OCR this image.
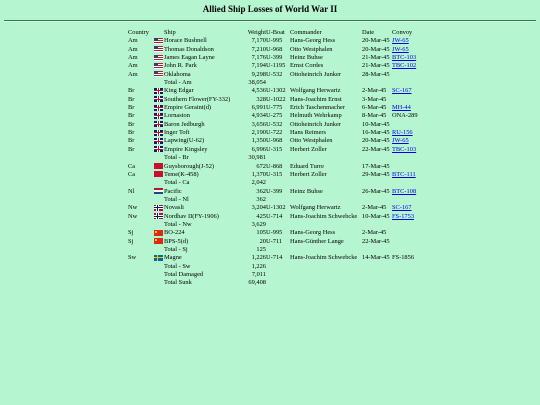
Allied Ship Losses of World War II
Country		Ship	Weight	U-Boat	Commander	Date	Convoy
Am		Horace Bushnell	7,170	U-995	Hans-Georg Hess	20-Mar-45	JW-65
Am		Thomas Donaldson	7,210	U-968	Otto Westphalen	20-Mar-45	JW-65
Am		James Eagan Layne	7,176	U-399	Heinz Buhse	21-Mar-45	BTC-103
Am		John R. Park	7,194	U-1195	Ernst Cordes	21-Mar-45	TBC-102
Am		Oklahoma	9,298	U-532	Ottoheinrich Junker	28-Mar-45	
		Total - Am	38,054				
Br		King Edgar	4,536	U-1302	Wolfgang Herwartz	2-Mar-45	SC-167
Br		Southern Flower(FY-332)	328	U-1022	Hans-Joachim Ernst	3-Mar-45	
Br		Empire Geraint(d)	6,991	U-775	Erich Taschenmacher	6-Mar-45	MH-44
Br		Lornaston	4,934	U-275	Helmuth Wehrkamp	8-Mar-45	ONA-289
Br		Baron Jedburgh	3,656	U-532	Ottoheinrich Junker	10-Mar-45	
Br		Inger Toft	2,190	U-722	Hans Reimers	16-Mar-45	RU-156
Br		Lapwing(U-62)	1,350	U-968	Otto Westphalen	20-Mar-45	JW-65
Br		Empire Kingsley	6,996	U-315	Herbert Zoller	22-Mar-45	TBC-103
		Total - Br	30,981				
Ca		Guysborough(J-52)	672	U-868	Eduard Turre	17-Mar-45	
Ca		Teme(K-458)	1,370	U-315	Herbert Zoller	29-Mar-45	BTC-111
		Total - Ca	2,042				
Nl		Pacific	362	U-399	Heinz Buhse	26-Mar-45	BTC-108
		Total - Nl	362				
Nw		Novasli	3,204	U-1302	Wolfgang Herwartz	2-Mar-45	SC-167
Nw		Nordhav II(FY-1906)	425	U-714	Hans-Joachim Schwebcke	10-Mar-45	FS-1753
		Total - Nw	3,629				
Sj		BO-224	105	U-995	Hans-Georg Hess	2-Mar-45	
Sj		BPS-5(d)	20	U-711	Hans-Günther Lange	22-Mar-45	
		Total - Sj	125				
Sw		Magne	1,226	U-714	Hans-Joachim Schwebcke	14-Mar-45	FS-1856
		Total - Sw	1,226				
		Total Damaged	7,011				
		Total Sunk	69,408				
